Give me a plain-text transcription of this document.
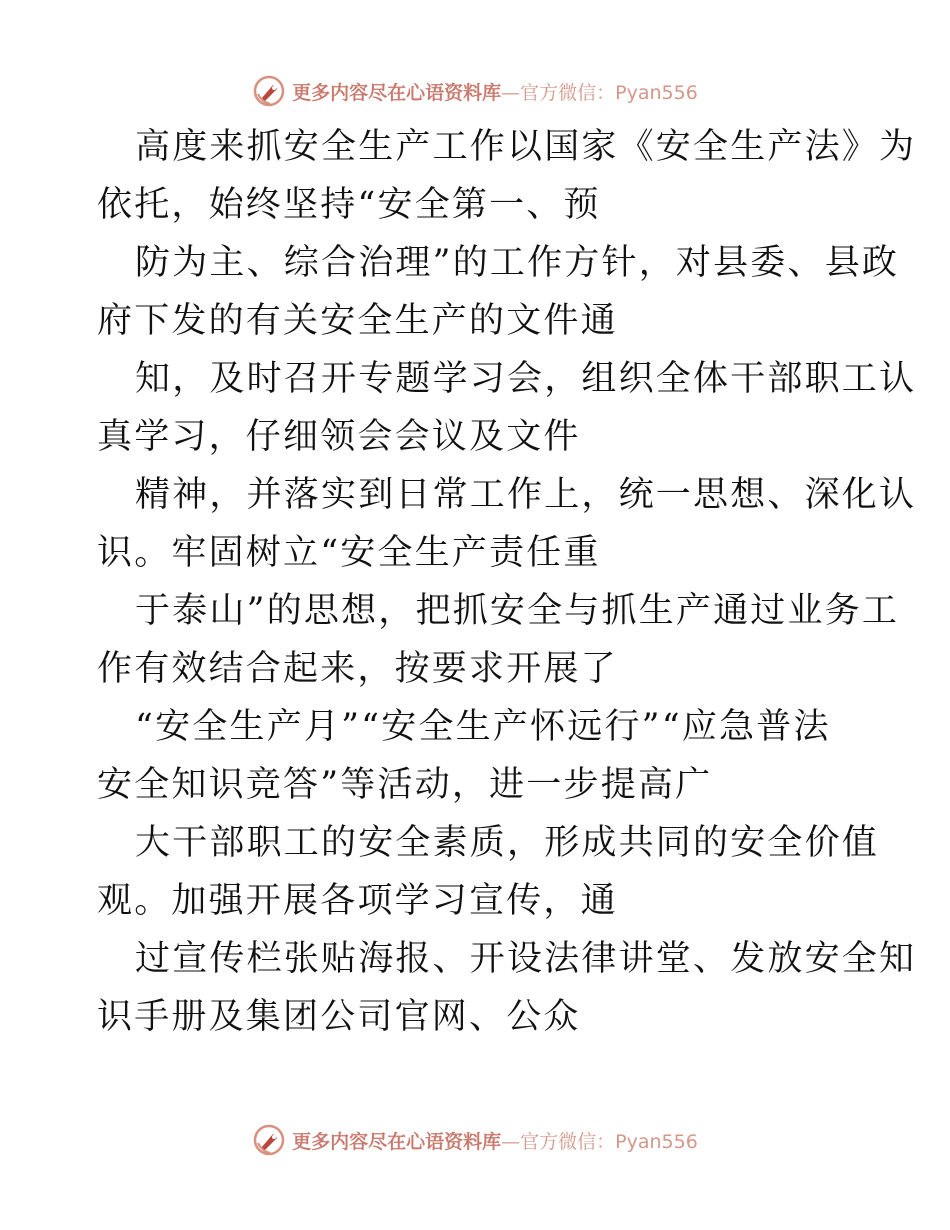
更多内容尽在心语资料库—官方微信：Pyan556
高度来抓安全生产工作以国家《安全生产法》为
依托，始终坚持“安全第一、预
防为主、综合治理”的工作方针，对县委、县政
府下发的有关安全生产的文件通
知，及时召开专题学习会，组织全体干部职工认
真学习，仔细领会会议及文件
精神，并落实到日常工作上，统一思想、深化认
识。牢固树立“安全生产责任重
于泰山”的思想，把抓安全与抓生产通过业务工
作有效结合起来，按要求开展了
“安全生产月”“安全生产怀远行”“应急普法
安全知识竞答”等活动，进一步提高广
大干部职工的安全素质，形成共同的安全价值
观。加强开展各项学习宣传，通
过宣传栏张贴海报、开设法律讲堂、发放安全知
识手册及集团公司官网、公众
更多内容尽在心语资料库—官方微信：Pyan556
